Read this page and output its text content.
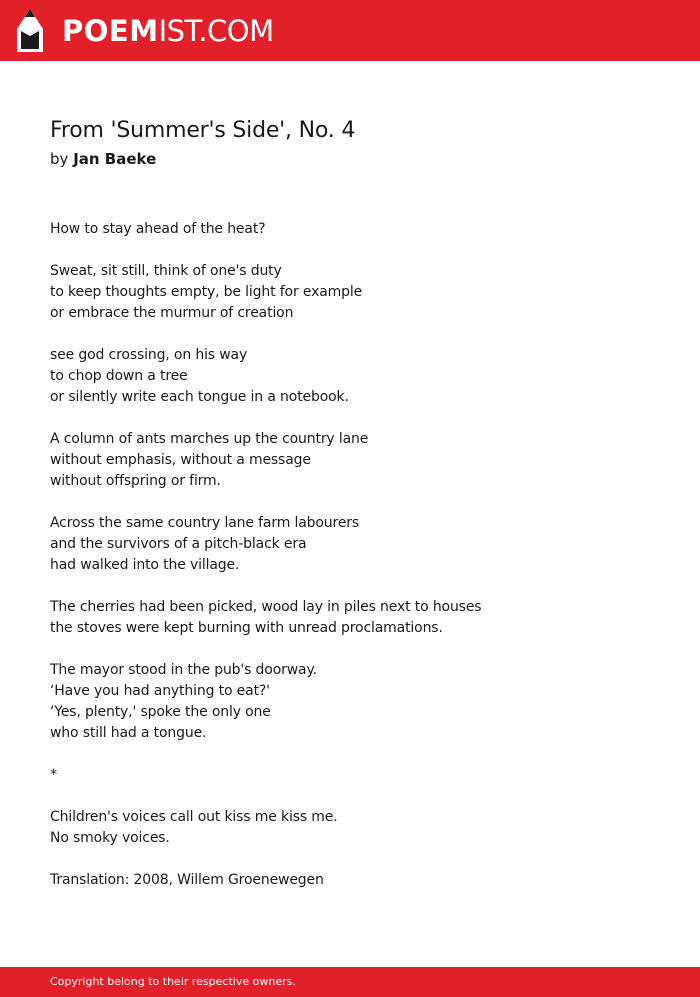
POEMIST.COM
From 'Summer's Side', No. 4
by Jan Baeke
How to stay ahead of the heat?
Sweat, sit still, think of one's duty
to keep thoughts empty, be light for example
or embrace the murmur of creation
see god crossing, on his way
to chop down a tree
or silently write each tongue in a notebook.
A column of ants marches up the country lane
without emphasis, without a message
without offspring or firm.
Across the same country lane farm labourers
and the survivors of a pitch-black era
had walked into the village.
The cherries had been picked, wood lay in piles next to houses
the stoves were kept burning with unread proclamations.
The mayor stood in the pub's doorway.
‘Have you had anything to eat?'
‘Yes, plenty,' spoke the only one
who still had a tongue.
*
Children's voices call out kiss me kiss me.
No smoky voices.
Translation: 2008, Willem Groenewegen
Copyright belong to their respective owners.
